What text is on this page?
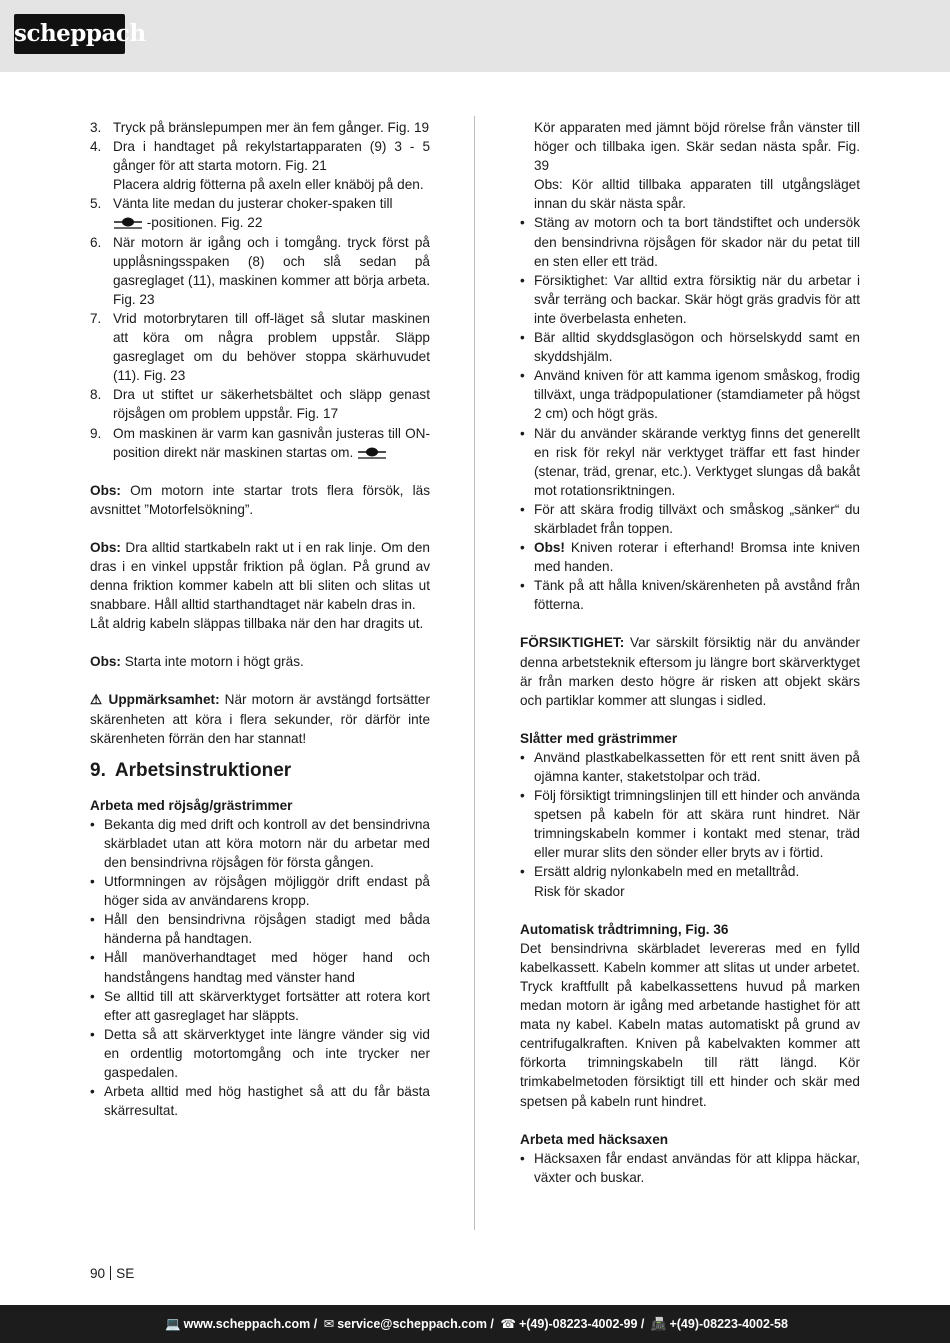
scheppach
3. Tryck på bränslepumpen mer än fem gånger. Fig. 19
4. Dra i handtaget på rekylstartapparaten (9) 3 - 5 gånger för att starta motorn. Fig. 21
Placera aldrig fötterna på axeln eller knäböj på den.
5. Vänta lite medan du justerar choker-spaken till
-positionen. Fig. 22
6. När motorn är igång och i tomgång. tryck först på upplåsningsspaken (8) och slå sedan på gasreglaget (11), maskinen kommer att börja arbeta. Fig. 23
7. Vrid motorbrytaren till off-läget så slutar maskinen att köra om några problem uppstår. Släpp gasreglaget om du behöver stoppa skärhuvudet (11). Fig. 23
8. Dra ut stiftet ur säkerhetsbältet och släpp genast röjsågen om problem uppstår. Fig. 17
9. Om maskinen är varm kan gasnivån justeras till ON-position direkt när maskinen startas om.

Obs: Om motorn inte startar trots flera försök, läs avsnittet ”Motorfelsökning”.

Obs: Dra alltid startkabeln rakt ut i en rak linje. Om den dras i en vinkel uppstår friktion på öglan. På grund av denna friktion kommer kabeln att bli sliten och slitas ut snabbare. Håll alltid starthandtaget när kabeln dras in.

Låt aldrig kabeln släppas tillbaka när den har dragits ut.

Obs: Starta inte motorn i högt gräs.

⚠ Uppmärksamhet: När motorn är avstängd fortsätter skärenheten att köra i flera sekunder, rör därför inte skärenheten förrän den har stannat!

9. Arbetsinstruktioner
Arbeta med röjsåg/grästrimmer
• Bekanta dig med drift och kontroll av det bensindrivna skärbladet utan att köra motorn när du arbetar med den bensindrivna röjsågen för första gången.
• Utformningen av röjsågen möjliggör drift endast på höger sida av användarens kropp.
• Håll den bensindrivna röjsågen stadigt med båda händerna på handtagen.
• Håll manöverhandtaget med höger hand och handstångens handtag med vänster hand
• Se alltid till att skärverktyget fortsätter att rotera kort efter att gasreglaget har släppts.
• Detta så att skärverktyget inte längre vänder sig vid en ordentlig motortomgång och inte trycker ner gaspedalen.
• Arbeta alltid med hög hastighet så att du får bästa skärresultat.

Kör apparaten med jämnt böjd rörelse från vänster till höger och tillbaka igen. Skär sedan nästa spår. Fig. 39

Obs: Kör alltid tillbaka apparaten till utgångsläget innan du skär nästa spår.

• Stäng av motorn och ta bort tändstiftet och undersök den bensindrivna röjsågen för skador när du petat till en sten eller ett träd.
• Försiktighet: Var alltid extra försiktig när du arbetar i svår terräng och backar. Skär högt gräs gradvis för att inte överbelasta enheten.
• Bär alltid skyddsglasögon och hörselskydd samt en skyddshjälm.
• Använd kniven för att kamma igenom småskog, frodig tillväxt, unga trädpopulationer (stamdiameter på högst 2 cm) och högt gräs.
• När du använder skärande verktyg finns det generellt en risk för rekyl när verktyget träffar ett fast hinder (stenar, träd, grenar, etc.). Verktyget slungas då bakåt mot rotationsriktningen.
• För att skära frodig tillväxt och småskog „sänker“ du skärbladet från toppen.
• Obs! Kniven roterar i efterhand! Bromsa inte kniven med handen.
• Tänk på att hålla kniven/skärenheten på avstånd från fötterna.

FÖRSIKTIGHET: Var särskilt försiktig när du använder denna arbetsteknik eftersom ju längre bort skärverktyget är från marken desto högre är risken att objekt skärs och partiklar kommer att slungas i sidled.

Slåtter med grästrimmer
• Använd plastkabelkassetten för ett rent snitt även på ojämna kanter, staketstolpar och träd.
• Följ försiktigt trimningslinjen till ett hinder och använda spetsen på kabeln för att skära runt hindret. När trimningskabeln kommer i kontakt med stenar, träd eller murar slits den sönder eller bryts av i förtid.
• Ersätt aldrig nylonkabeln med en metalltråd.

Risk för skador

Automatisk trådtrimning, Fig. 36

Det bensindrivna skärbladet levereras med en fylld kabelkassett. Kabeln kommer att slitas ut under arbetet. Tryck kraftfullt på kabelkassettens huvud på marken medan motorn är igång med arbetande hastighet för att mata ny kabel. Kabeln matas automatiskt på grund av centrifugalkraften. Kniven på kabelvakten kommer att förkorta trimningskabeln till rätt längd. Kör trimkabelmetoden försiktigt till ett hinder och skär med spetsen på kabeln runt hindret.

Arbeta med häcksaxen
• Häcksaxen får endast användas för att klippa häckar, växter och buskar.
90 SE
💻 www.scheppach.com / ✉ service@scheppach.com / ☎ +(49)-08223-4002-99 / 📠 +(49)-08223-4002-58
